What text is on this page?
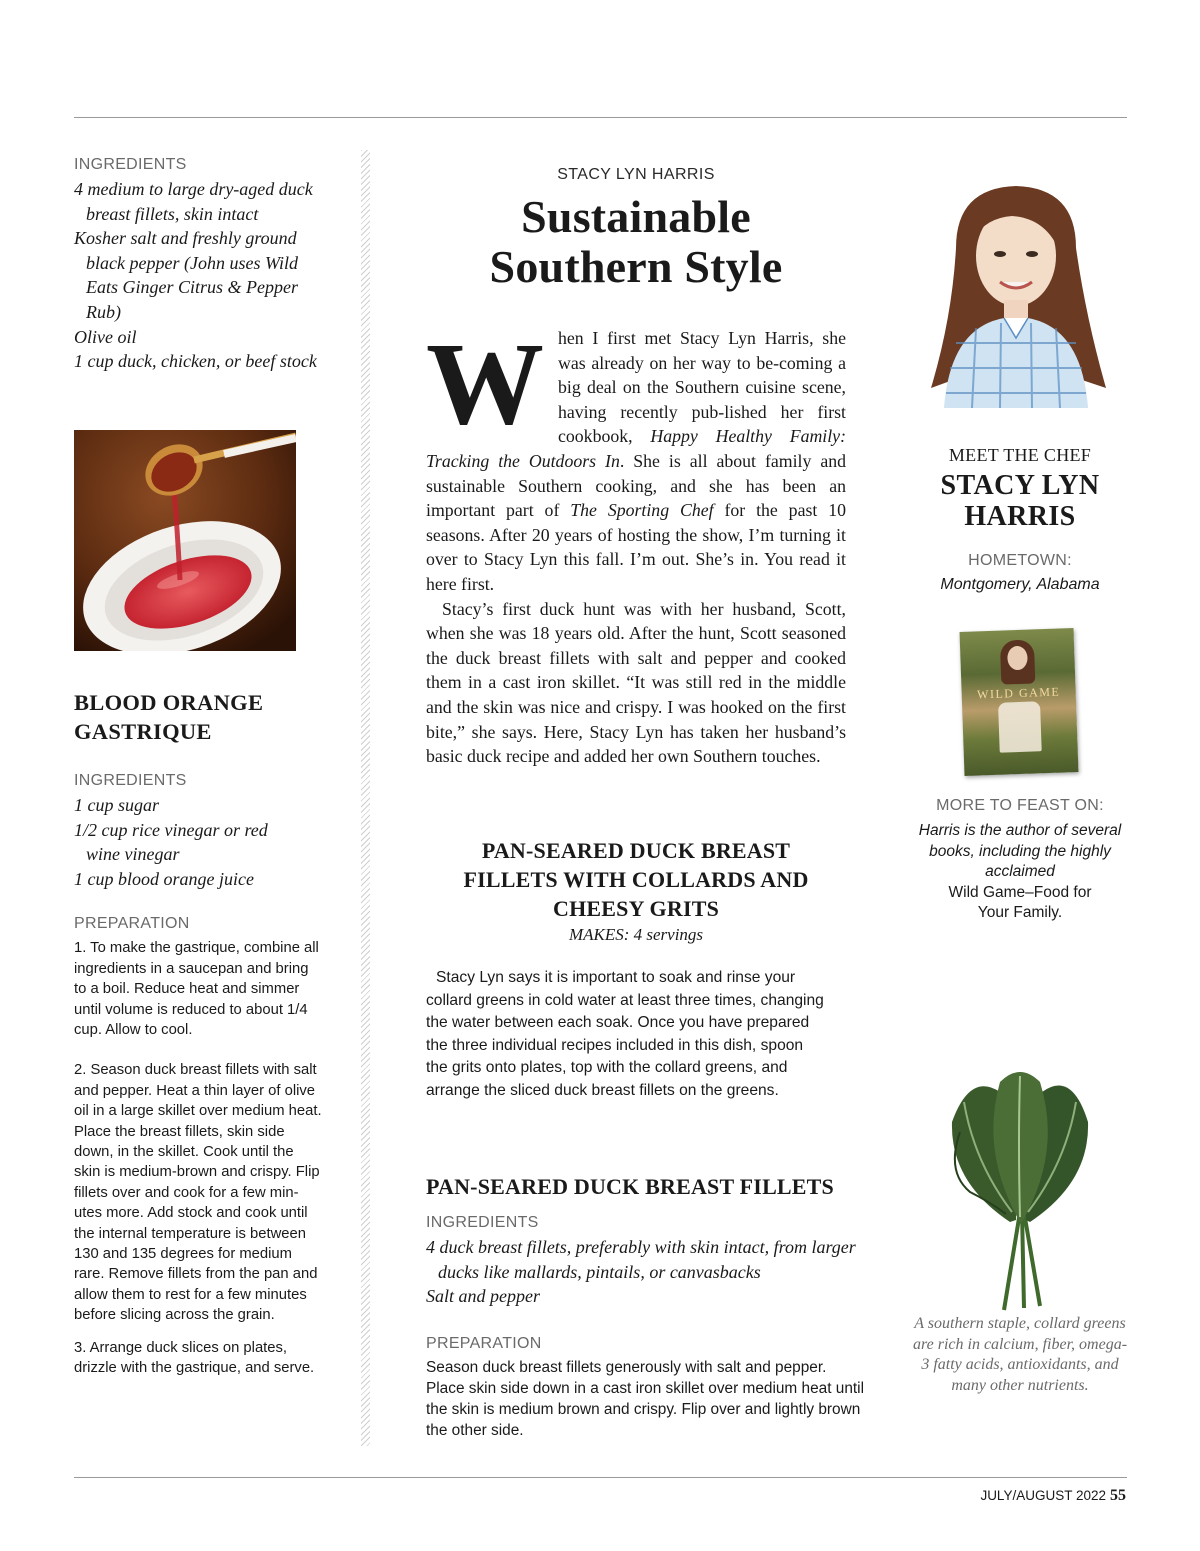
INGREDIENTS

4 medium to large dry-aged duck breast fillets, skin intact
Kosher salt and freshly ground black pepper (John uses Wild Eats Ginger Citrus & Pepper Rub)
Olive oil
1 cup duck, chicken, or beef stock

BLOOD ORANGE GASTRIQUE

INGREDIENTS

1 cup sugar
1/2 cup rice vinegar or red wine vinegar
1 cup blood orange juice

PREPARATION

1. To make the gastrique, combine all ingredients in a saucepan and bring to a boil. Reduce heat and simmer until volume is reduced to about 1/4 cup. Allow to cool.

2. Season duck breast fillets with salt and pepper. Heat a thin layer of olive oil in a large skillet over medium heat. Place the breast fillets, skin side down, in the skillet. Cook until the skin is medium-brown and crispy. Flip fillets over and cook for a few min-utes more. Add stock and cook until the internal temperature is between 130 and 135 degrees for medium rare. Remove fillets from the pan and allow them to rest for a few minutes before slicing across the grain.

3. Arrange duck slices on plates, drizzle with the gastrique, and serve.

STACY LYN HARRIS

Sustainable
Southern Style

When I first met Stacy Lyn Harris, she was already on her way to be-coming a big deal on the Southern cuisine scene, having recently pub-lished her first cookbook, Happy Healthy Family: Tracking the Outdoors In. She is all about family and sustainable Southern cooking, and she has been an important part of The Sporting Chef for the past 10 seasons. After 20 years of hosting the show, I’m turning it over to Stacy Lyn this fall. I’m out. She’s in. You read it here first.

Stacy’s first duck hunt was with her husband, Scott, when she was 18 years old. After the hunt, Scott seasoned the duck breast fillets with salt and pepper and cooked them in a cast iron skillet. “It was still red in the middle and the skin was nice and crispy. I was hooked on the first bite,” she says. Here, Stacy Lyn has taken her husband’s basic duck recipe and added her own Southern touches.

PAN-SEARED DUCK BREAST FILLETS WITH COLLARDS AND CHEESY GRITS

MAKES: 4 servings

Stacy Lyn says it is important to soak and rinse your collard greens in cold water at least three times, changing the water between each soak. Once you have prepared the three individual recipes included in this dish, spoon the grits onto plates, top with the collard greens, and arrange the sliced duck breast fillets on the greens.

PAN-SEARED DUCK BREAST FILLETS

INGREDIENTS

4 duck breast fillets, preferably with skin intact, from larger ducks like mallards, pintails, or canvasbacks
Salt and pepper

PREPARATION

Season duck breast fillets generously with salt and pepper. Place skin side down in a cast iron skillet over medium heat until the skin is medium brown and crispy. Flip over and lightly brown the other side.

MEET THE CHEF

STACY LYN
HARRIS

HOMETOWN:

Montgomery, Alabama

WILD GAME

MORE TO FEAST ON:

Harris is the author of several books, including the highly acclaimed
Wild Game–Food for Your Family.

A southern staple, collard greens are rich in calcium, fiber, omega-3 fatty acids, antioxidants, and many other nutrients.

JULY/AUGUST 2022 55
